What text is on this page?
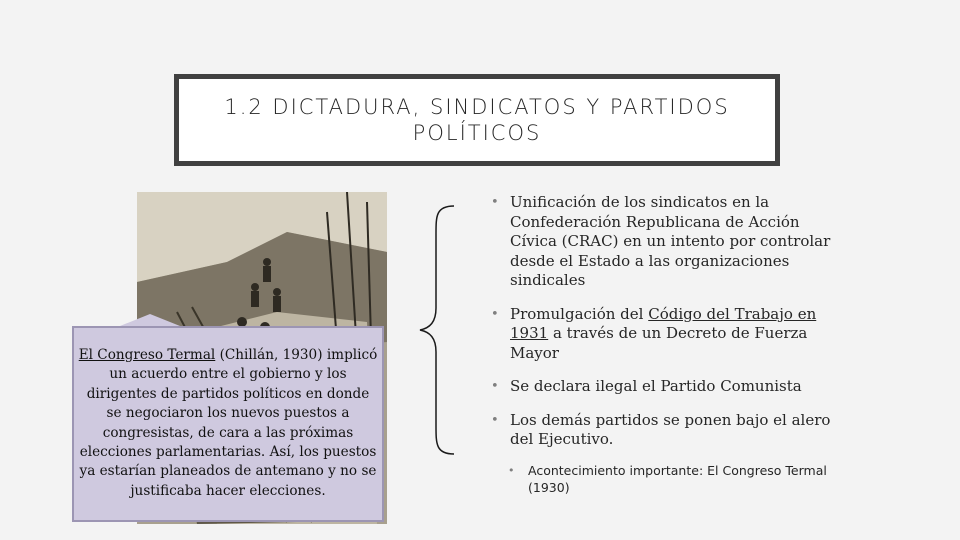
1.2 DICTADURA, SINDICATOS Y PARTIDOS POLÍTICOS
El Congreso Termal (Chillán, 1930) implicó un acuerdo entre el gobierno y los dirigentes de partidos políticos en donde se negociaron los nuevos puestos a congresistas, de cara a las próximas elecciones parlamentarias. Así, los puestos ya estarían planeados de antemano y no se justificaba hacer elecciones.
• Unificación de los sindicatos en la Confederación Republicana de Acción Cívica (CRAC) en un intento por controlar desde el Estado a las organizaciones sindicales
• Promulgación del Código del Trabajo en 1931 a través de un Decreto de Fuerza Mayor
• Se declara ilegal el Partido Comunista
• Los demás partidos se ponen bajo el alero del Ejecutivo.
• Acontecimiento importante: El Congreso Termal (1930)
